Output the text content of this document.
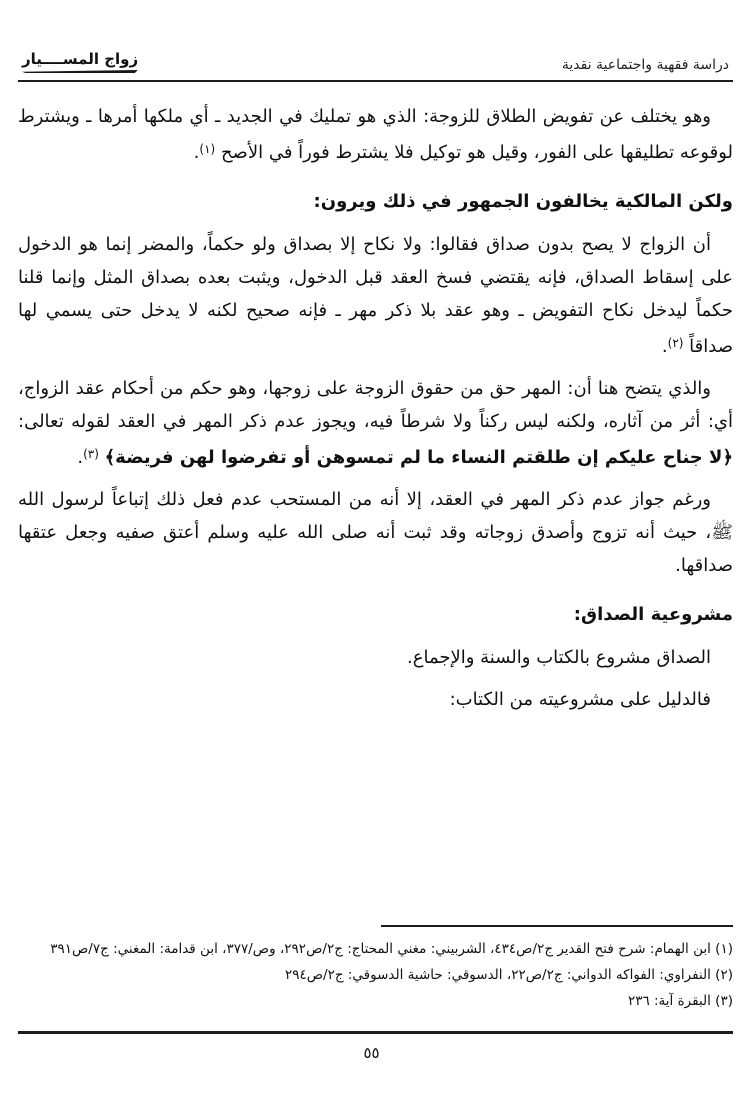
دراسة فقهية واجتماعية نقدية
زواج المســــيار

وهو يختلف عن تفويض الطلاق للزوجة: الذي هو تمليك في الجديد ـ أي ملكها أمرها ـ ويشترط لوقوعه تطليقها على الفور، وقيل هو توكيل فلا يشترط فوراً في الأصح $^{(١)}$.

ولكن المالكية يخالفون الجمهور في ذلك ويرون:

أن الزواج لا يصح بدون صداق فقالوا: ولا نكاح إلا بصداق ولو حكماً، والمضر إنما هو الدخول على إسقاط الصداق، فإنه يقتضي فسخ العقد قبل الدخول، ويثبت بعده بصداق المثل وإنما قلنا حكماً ليدخل نكاح التفويض ـ وهو عقد بلا ذكر مهر ـ فإنه صحيح لكنه لا يدخل حتى يسمي لها صداقاً $^{(٢)}$.

والذي يتضح هنا أن: المهر حق من حقوق الزوجة على زوجها، وهو حكم من أحكام عقد الزواج، أي: أثر من آثاره، ولكنه ليس ركناً ولا شرطاً فيه، ويجوز عدم ذكر المهر في العقد لقوله تعالى: ﴿لا جناح عليكم إن طلقتم النساء ما لم تمسوهن أو تفرضوا لهن فريضة﴾ $^{(٣)}$.

ورغم جواز عدم ذكر المهر في العقد، إلا أنه من المستحب عدم فعل ذلك إتباعاً لرسول الله ﷺ، حيث أنه تزوج وأصدق زوجاته وقد ثبت أنه صلى الله عليه وسلم أعتق صفيه وجعل عتقها صداقها.

مشروعية الصداق:

الصداق مشروع بالكتاب والسنة والإجماع.

فالدليل على مشروعيته من الكتاب:

(١) ابن الهمام: شرح فتح القدير ج٢/ص٤٣٤، الشربيني: مغني المحتاج: ج٢/ص٢٩٢، وص/٣٧٧، ابن قدامة: المغني: ج٧/ص٣٩١

(٢) النفراوي: الفواكه الدواني: ج٢/ص٢٢، الدسوقي: حاشية الدسوقي: ج٢/ص٢٩٤

(٣) البقرة آية: ٢٣٦

٥٥
